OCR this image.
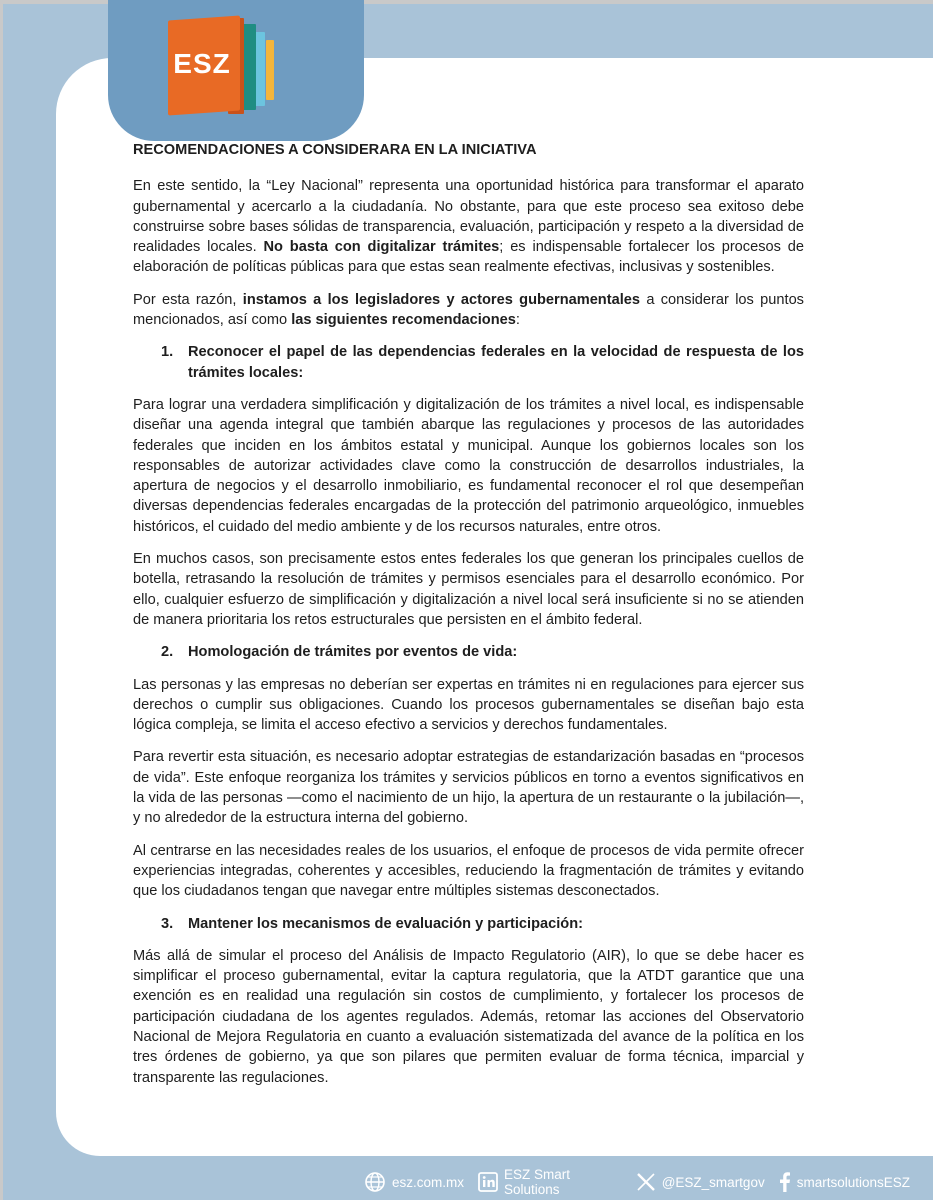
ESZ

RECOMENDACIONES A CONSIDERARA EN LA INICIATIVA

En este sentido, la “Ley Nacional” representa una oportunidad histórica para transformar el aparato gubernamental y acercarlo a la ciudadanía. No obstante, para que este proceso sea exitoso debe construirse sobre bases sólidas de transparencia, evaluación, participación y respeto a la diversidad de realidades locales. No basta con digitalizar trámites; es indispensable fortalecer los procesos de elaboración de políticas públicas para que estas sean realmente efectivas, inclusivas y sostenibles.

Por esta razón, instamos a los legisladores y actores gubernamentales a considerar los puntos mencionados, así como las siguientes recomendaciones:

1.	Reconocer el papel de las dependencias federales en la velocidad de respuesta de los trámites locales:

Para lograr una verdadera simplificación y digitalización de los trámites a nivel local, es indispensable diseñar una agenda integral que también abarque las regulaciones y procesos de las autoridades federales que inciden en los ámbitos estatal y municipal. Aunque los gobiernos locales son los responsables de autorizar actividades clave como la construcción de desarrollos industriales, la apertura de negocios y el desarrollo inmobiliario, es fundamental reconocer el rol que desempeñan diversas dependencias federales encargadas de la protección del patrimonio arqueológico, inmuebles históricos, el cuidado del medio ambiente y de los recursos naturales, entre otros.

En muchos casos, son precisamente estos entes federales los que generan los principales cuellos de botella, retrasando la resolución de trámites y permisos esenciales para el desarrollo económico. Por ello, cualquier esfuerzo de simplificación y digitalización a nivel local será insuficiente si no se atienden de manera prioritaria los retos estructurales que persisten en el ámbito federal.

2.	Homologación de trámites por eventos de vida:

Las personas y las empresas no deberían ser expertas en trámites ni en regulaciones para ejercer sus derechos o cumplir sus obligaciones. Cuando los procesos gubernamentales se diseñan bajo esta lógica compleja, se limita el acceso efectivo a servicios y derechos fundamentales.

Para revertir esta situación, es necesario adoptar estrategias de estandarización basadas en “procesos de vida”. Este enfoque reorganiza los trámites y servicios públicos en torno a eventos significativos en la vida de las personas —como el nacimiento de un hijo, la apertura de un restaurante o la jubilación—, y no alrededor de la estructura interna del gobierno.

Al centrarse en las necesidades reales de los usuarios, el enfoque de procesos de vida permite ofrecer experiencias integradas, coherentes y accesibles, reduciendo la fragmentación de trámites y evitando que los ciudadanos tengan que navegar entre múltiples sistemas desconectados.

3.	Mantener los mecanismos de evaluación y participación:

Más allá de simular el proceso del Análisis de Impacto Regulatorio (AIR), lo que se debe hacer es simplificar el proceso gubernamental, evitar la captura regulatoria, que la ATDT garantice que una exención es en realidad una regulación sin costos de cumplimiento, y fortalecer los procesos de participación ciudadana de los agentes regulados. Además, retomar las acciones del Observatorio Nacional de Mejora Regulatoria en cuanto a evaluación sistematizada del avance de la política en los tres órdenes de gobierno, ya que son pilares que permiten evaluar de forma técnica, imparcial y transparente las regulaciones.

esz.com.mx	ESZ Smart Solutions	@ESZ_smartgov smartsolutionsESZ
